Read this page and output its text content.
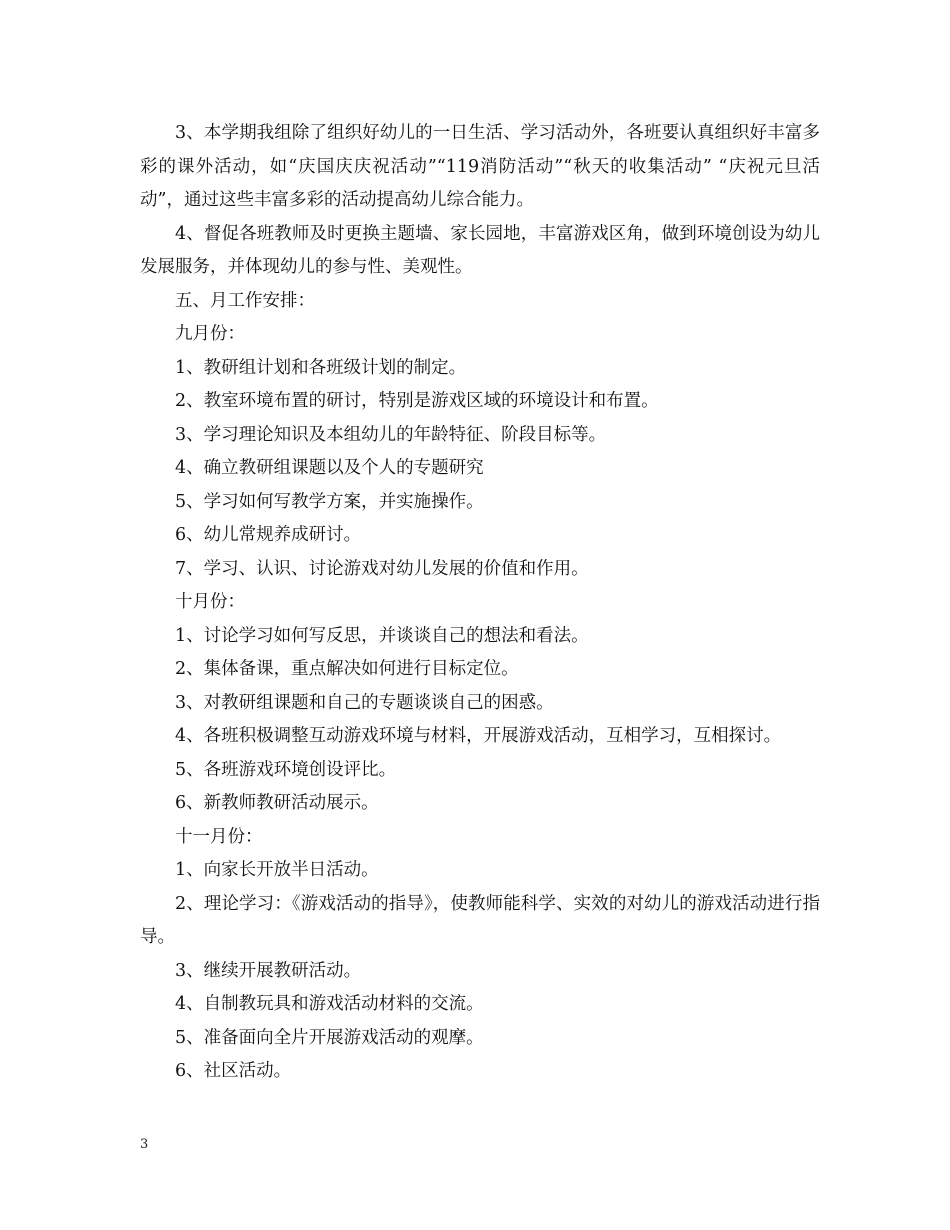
3、本学期我组除了组织好幼儿的一日生活、学习活动外，各班要认真组织好丰富多彩的课外活动，如“庆国庆庆祝活动”“119消防活动”“秋天的收集活动” “庆祝元旦活动”，通过这些丰富多彩的活动提高幼儿综合能力。

4、督促各班教师及时更换主题墙、家长园地，丰富游戏区角，做到环境创设为幼儿发展服务，并体现幼儿的参与性、美观性。

五、月工作安排：

九月份：

1、教研组计划和各班级计划的制定。

2、教室环境布置的研讨，特别是游戏区域的环境设计和布置。

3、学习理论知识及本组幼儿的年龄特征、阶段目标等。

4、确立教研组课题以及个人的专题研究

5、学习如何写教学方案，并实施操作。

6、幼儿常规养成研讨。

7、学习、认识、讨论游戏对幼儿发展的价值和作用。

十月份：

1、讨论学习如何写反思，并谈谈自己的想法和看法。

2、集体备课，重点解决如何进行目标定位。

3、对教研组课题和自己的专题谈谈自己的困惑。

4、各班积极调整互动游戏环境与材料，开展游戏活动，互相学习，互相探讨。

5、各班游戏环境创设评比。

6、新教师教研活动展示。

十一月份：

1、向家长开放半日活动。

2、理论学习：《游戏活动的指导》，使教师能科学、实效的对幼儿的游戏活动进行指导。

3、继续开展教研活动。

4、自制教玩具和游戏活动材料的交流。

5、准备面向全片开展游戏活动的观摩。

6、社区活动。

3
